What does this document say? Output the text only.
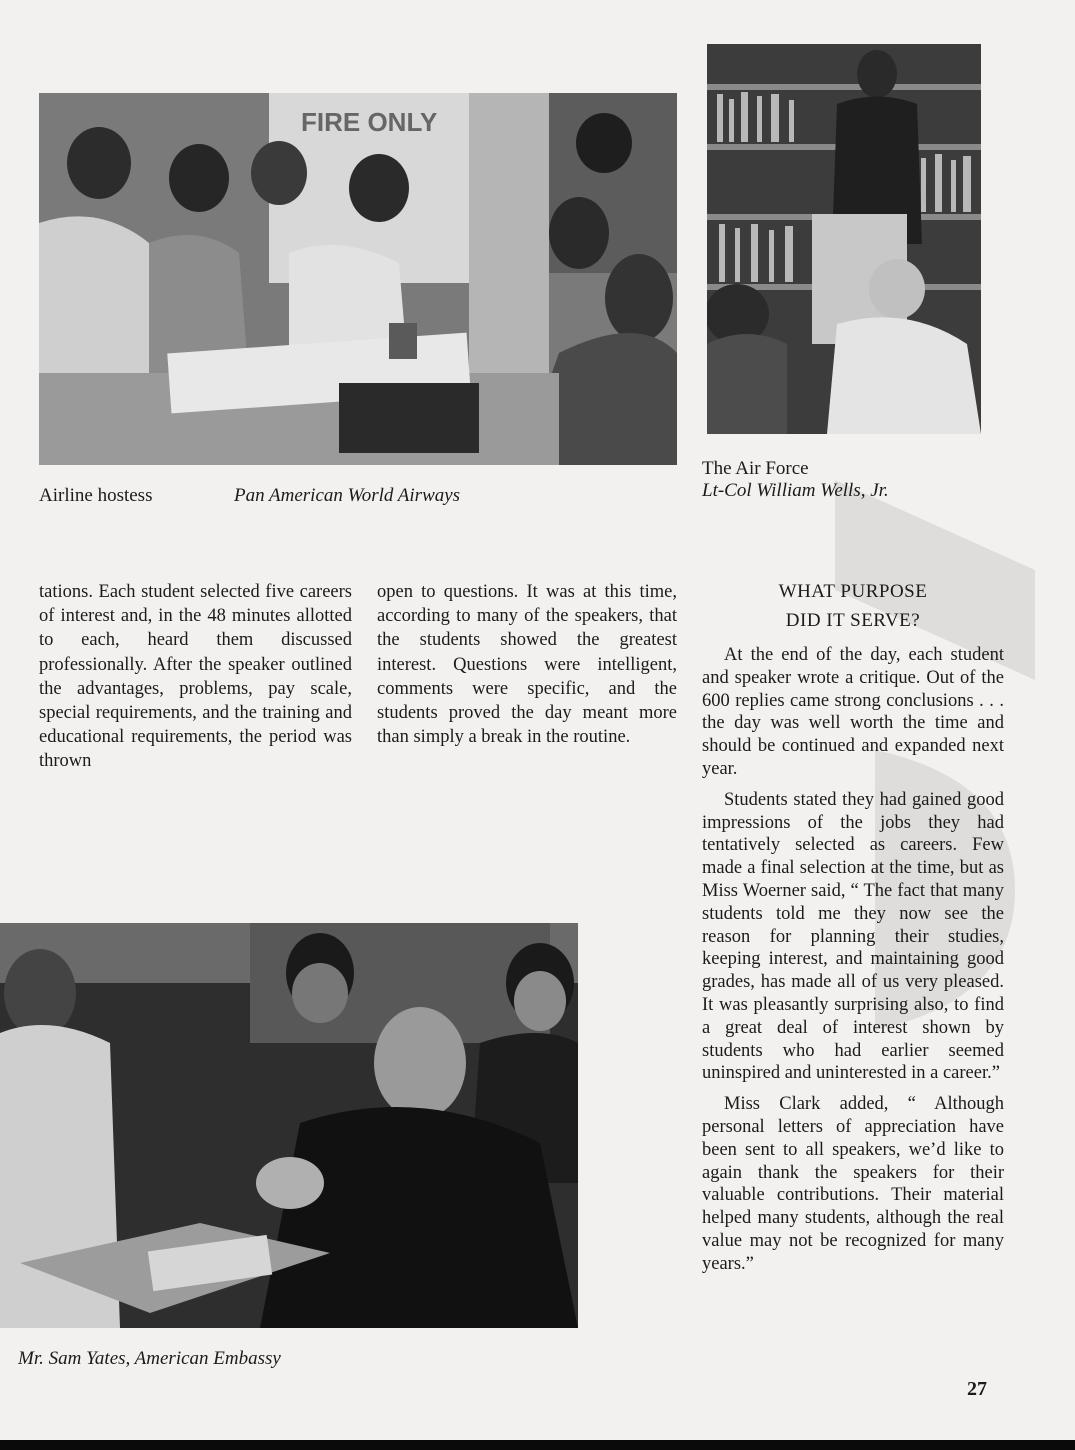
FIRE ONLY

Airline hostess	Pan American World Airways

The Air Force

Lt-Col William Wells, Jr.

tations. Each student selected five careers of interest and, in the 48 minutes allotted to each, heard them discussed professionally. After the speaker outlined the advantages, problems, pay scale, special requirements, and the training and educational requirements, the period was thrown

open to questions. It was at this time, according to many of the speakers, that the students showed the greatest interest. Questions were intelligent, comments were specific, and the students proved the day meant more than simply a break in the routine.

Mr. Sam Yates, American Embassy

WHAT PURPOSE
DID IT SERVE?

At the end of the day, each student and speaker wrote a critique. Out of the 600 replies came strong conclusions . . . the day was well worth the time and should be continued and expanded next year.

Students stated they had gained good impressions of the jobs they had tentatively selected as careers. Few made a final selection at the time, but as Miss Woerner said, “ The fact that many students told me they now see the reason for planning their studies, keeping interest, and maintaining good grades, has made all of us very pleased. It was pleasantly surprising also, to find a great deal of interest shown by students who had earlier seemed uninspired and uninterested in a career.”

Miss Clark added, “ Although personal letters of appreciation have been sent to all speakers, we’d like to again thank the speakers for their valuable contributions. Their material helped many students, although the real value may not be recognized for many years.”

27
